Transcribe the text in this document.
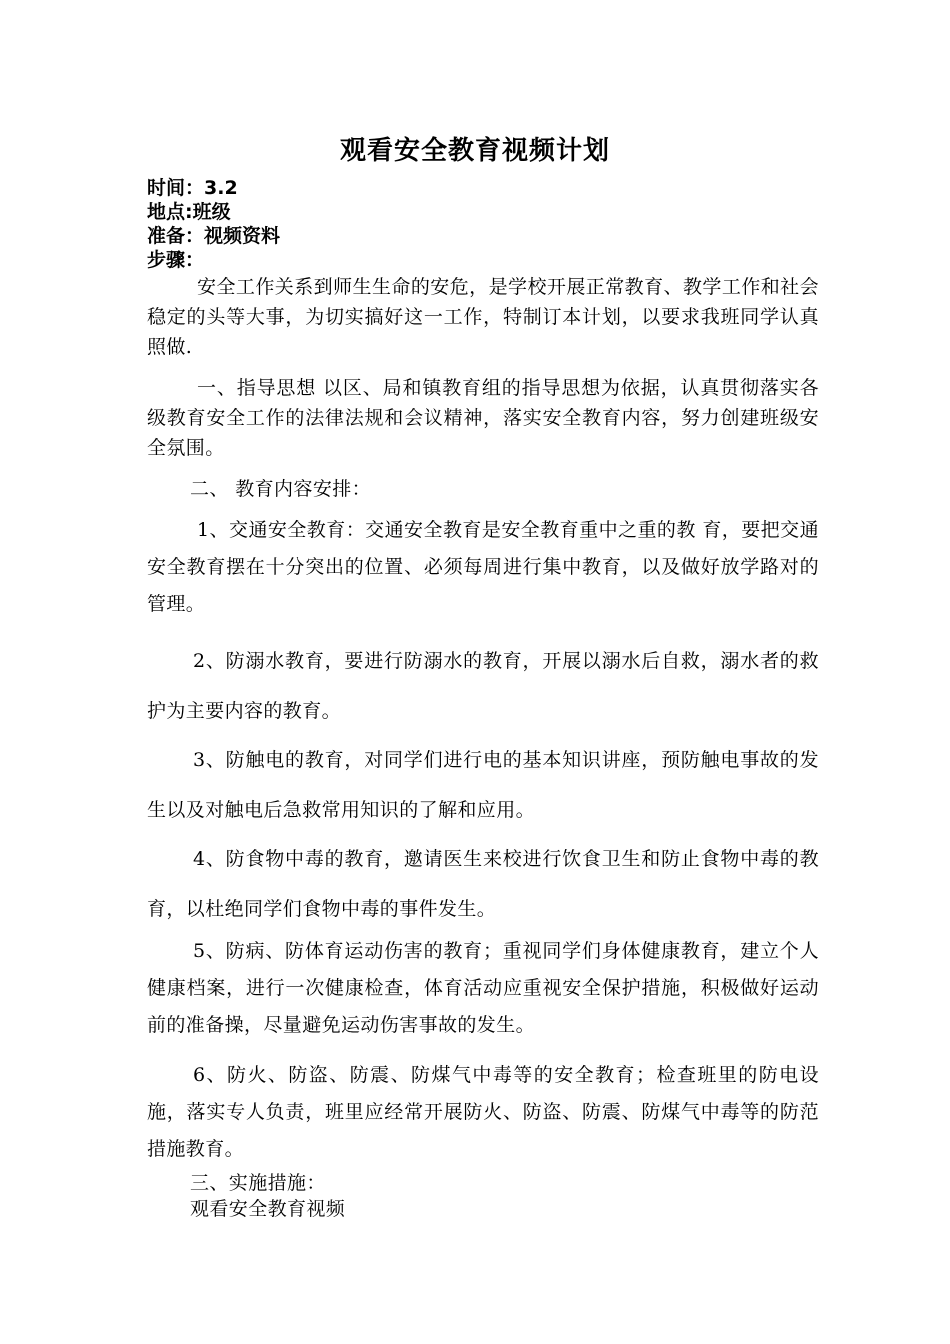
观看安全教育视频计划
时间：3.2
地点:班级
准备：视频资料
步骤：

安全工作关系到师生生命的安危，是学校开展正常教育、教学工作和社会稳定的头等大事，为切实搞好这一工作，特制订本计划，以要求我班同学认真照做.

一、指导思想 以区、局和镇教育组的指导思想为依据，认真贯彻落实各级教育安全工作的法律法规和会议精神，落实安全教育内容，努力创建班级安全氛围。

二、 教育内容安排：

1、交通安全教育：交通安全教育是安全教育重中之重的教 育，要把交通安全教育摆在十分突出的位置、必须每周进行集中教育，以及做好放学路对的管理。

2、防溺水教育，要进行防溺水的教育，开展以溺水后自救，溺水者的救护为主要内容的教育。

3、防触电的教育，对同学们进行电的基本知识讲座，预防触电事故的发生以及对触电后急救常用知识的了解和应用。

4、防食物中毒的教育，邀请医生来校进行饮食卫生和防止食物中毒的教育，以杜绝同学们食物中毒的事件发生。

5、防病、防体育运动伤害的教育；重视同学们身体健康教育，建立个人健康档案，进行一次健康检查，体育活动应重视安全保护措施，积极做好运动前的准备操，尽量避免运动伤害事故的发生。

6、防火、防盗、防震、防煤气中毒等的安全教育；检查班里的防电设施，落实专人负责，班里应经常开展防火、防盗、防震、防煤气中毒等的防范措施教育。

三、实施措施：

观看安全教育视频
